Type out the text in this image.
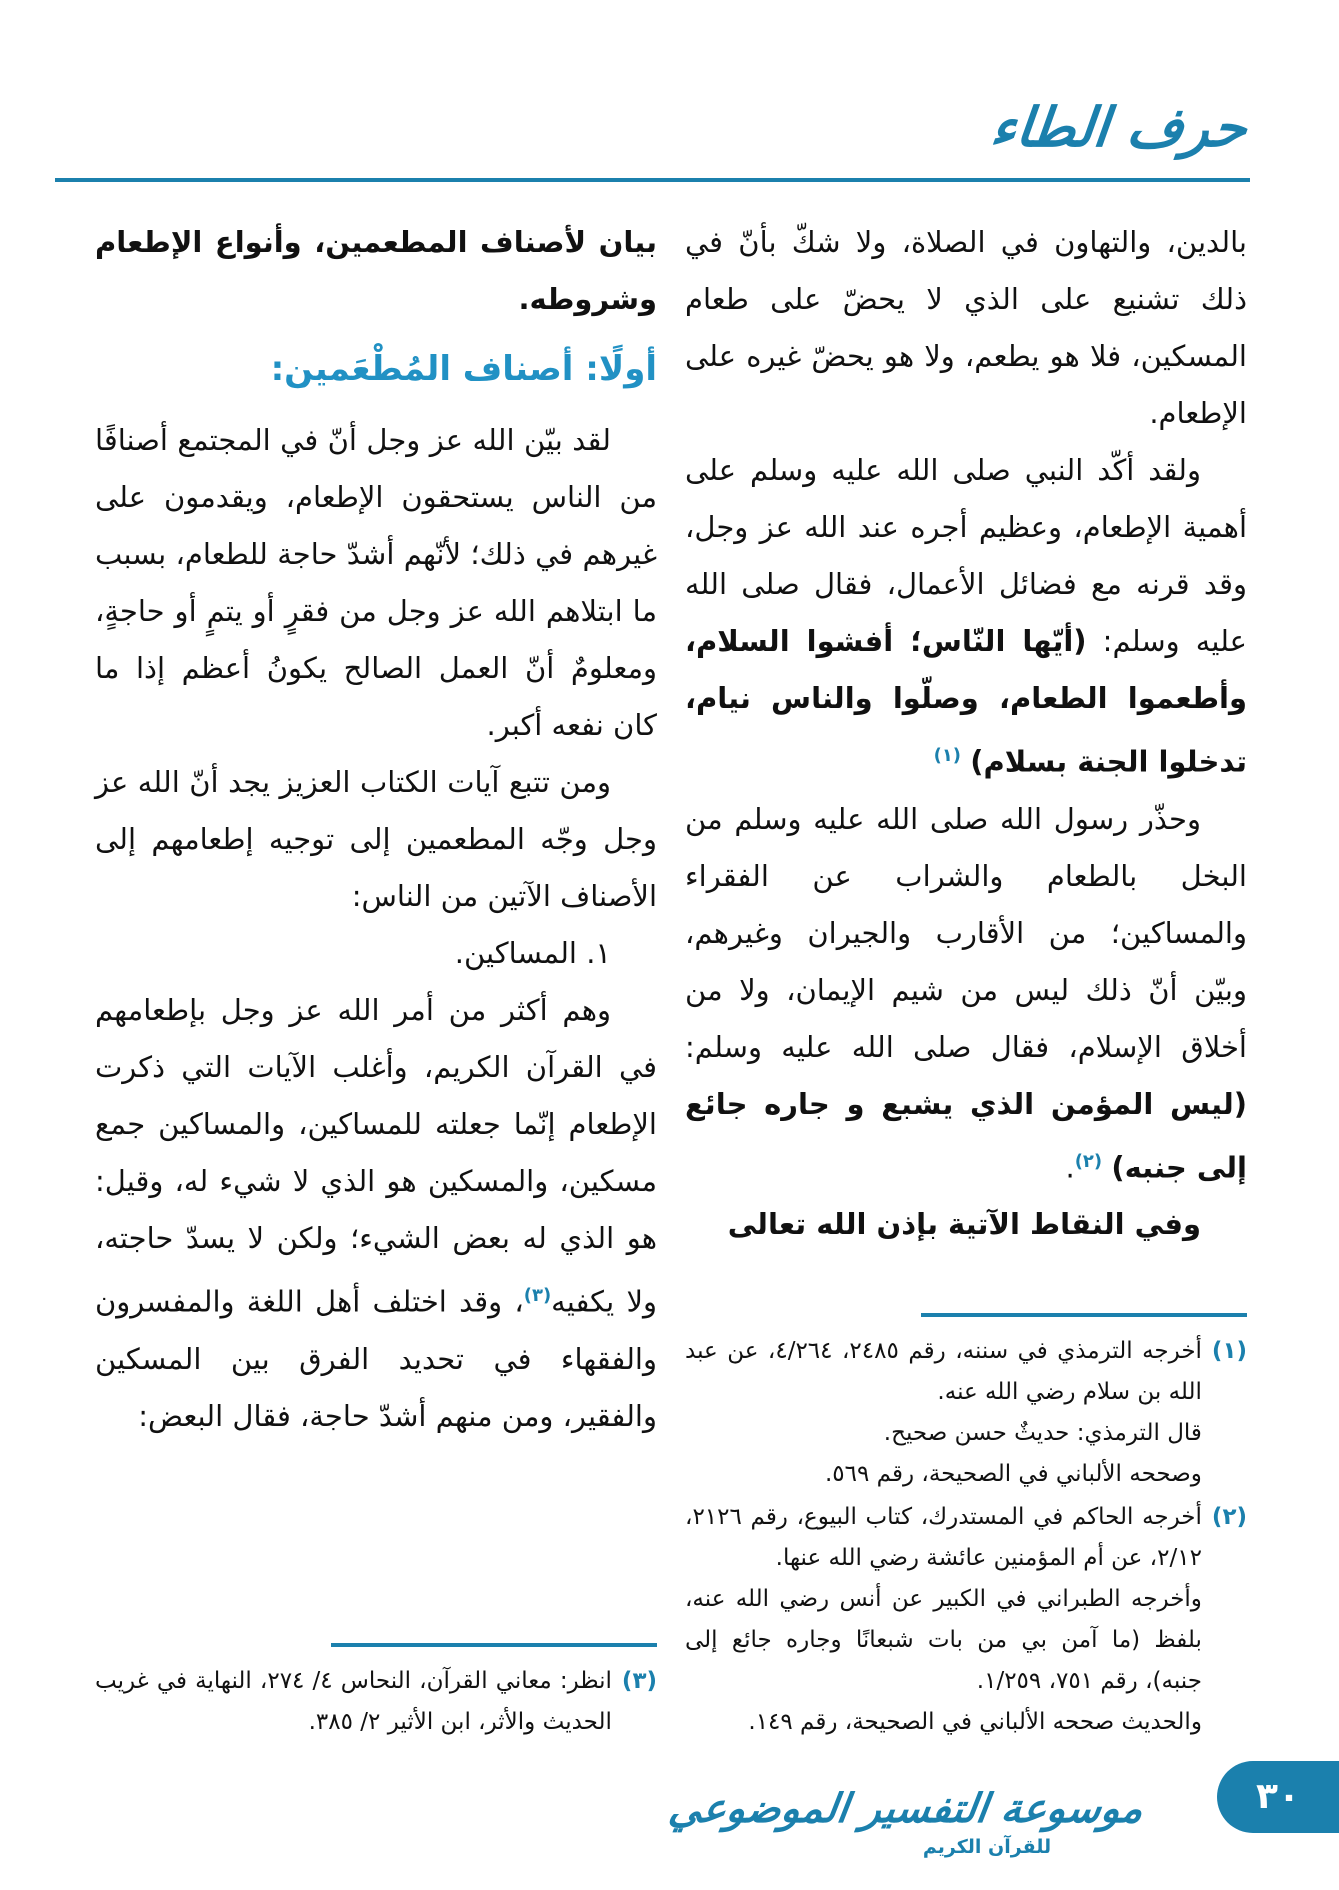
حرف الطاء

بالدين، والتهاون في الصلاة، ولا شكّ بأنّ في ذلك تشنيع على الذي لا يحضّ على طعام المسكين، فلا هو يطعم، ولا هو يحضّ غيره على الإطعام.

ولقد أكّد النبي صلى الله عليه وسلم على أهمية الإطعام، وعظيم أجره عند الله عز وجل، وقد قرنه مع فضائل الأعمال، فقال صلى الله عليه وسلم: (أيّها النّاس؛ أفشوا السلام، وأطعموا الطعام، وصلّوا والناس نيام، تدخلوا الجنة بسلام) $^{(١)}$

وحذّر رسول الله صلى الله عليه وسلم من البخل بالطعام والشراب عن الفقراء والمساكين؛ من الأقارب والجيران وغيرهم، وبيّن أنّ ذلك ليس من شيم الإيمان، ولا من أخلاق الإسلام، فقال صلى الله عليه وسلم: (ليس المؤمن الذي يشبع و جاره جائع إلى جنبه) $^{(٢)}$.

وفي النقاط الآتية بإذن الله تعالى

(١)

أخرجه الترمذي في سننه، رقم ٢٤٨٥، ٤/٢٦٤، عن عبد الله بن سلام رضي الله عنه.

قال الترمذي: حديثٌ حسن صحيح.

وصححه الألباني في الصحيحة، رقم ٥٦٩.

(٢)

أخرجه الحاكم في المستدرك، كتاب البيوع، رقم ٢١٢٦، ٢/١٢، عن أم المؤمنين عائشة رضي الله عنها.

وأخرجه الطبراني في الكبير عن أنس رضي الله عنه، بلفظ (ما آمن بي من بات شبعانًا وجاره جائع إلى جنبه)، رقم ٧٥١، ١/٢٥٩.

والحديث صححه الألباني في الصحيحة، رقم ١٤٩.

بيان لأصناف المطعمين، وأنواع الإطعام وشروطه.

أولًا: أصناف المُطْعَمين:

لقد بيّن الله عز وجل أنّ في المجتمع أصنافًا من الناس يستحقون الإطعام، ويقدمون على غيرهم في ذلك؛ لأنّهم أشدّ حاجة للطعام، بسبب ما ابتلاهم الله عز وجل من فقرٍ أو يتمٍ أو حاجةٍ، ومعلومٌ أنّ العمل الصالح يكونُ أعظم إذا ما كان نفعه أكبر.

ومن تتبع آيات الكتاب العزيز يجد أنّ الله عز وجل وجّه المطعمين إلى توجيه إطعامهم إلى الأصناف الآتين من الناس:

١. المساكين.

وهم أكثر من أمر الله عز وجل بإطعامهم في القرآن الكريم، وأغلب الآيات التي ذكرت الإطعام إنّما جعلته للمساكين، والمساكين جمع مسكين، والمسكين هو الذي لا شيء له، وقيل: هو الذي له بعض الشيء؛ ولكن لا يسدّ حاجته، ولا يكفيه$^{(٣)}$، وقد اختلف أهل اللغة والمفسرون والفقهاء في تحديد الفرق بين المسكين والفقير، ومن منهم أشدّ حاجة، فقال البعض:

(٣)

انظر: معاني القرآن، النحاس ٤/ ٢٧٤، النهاية في غريب الحديث والأثر، ابن الأثير ٢/ ٣٨٥.

موسوعة التفسير الموضوعي
للقرآن الكريم
٣٠
